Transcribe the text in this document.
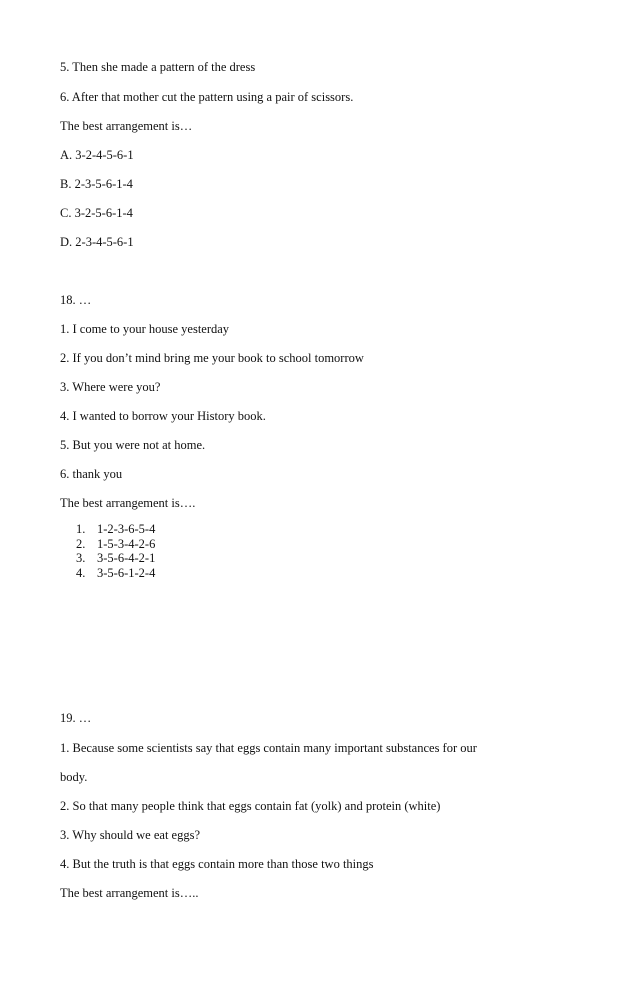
5. Then she made a pattern of the dress
6. After that mother cut the pattern using a pair of scissors.
The best arrangement is…
A. 3-2-4-5-6-1
B. 2-3-5-6-1-4
C. 3-2-5-6-1-4
D. 2-3-4-5-6-1
18. …
1. I come to your house yesterday
2. If you don’t mind bring me your book to school tomorrow
3. Where were you?
4. I wanted to borrow your History book.
5. But you were not at home.
6. thank you
The best arrangement is….
1. 1-2-3-6-5-4
2. 1-5-3-4-2-6
3. 3-5-6-4-2-1
4. 3-5-6-1-2-4
19. …
1. Because some scientists say that eggs contain many important substances for our
body.
2. So that many people think that eggs contain fat (yolk) and protein (white)
3. Why should we eat eggs?
4. But the truth is that eggs contain more than those two things
The best arrangement is…..
